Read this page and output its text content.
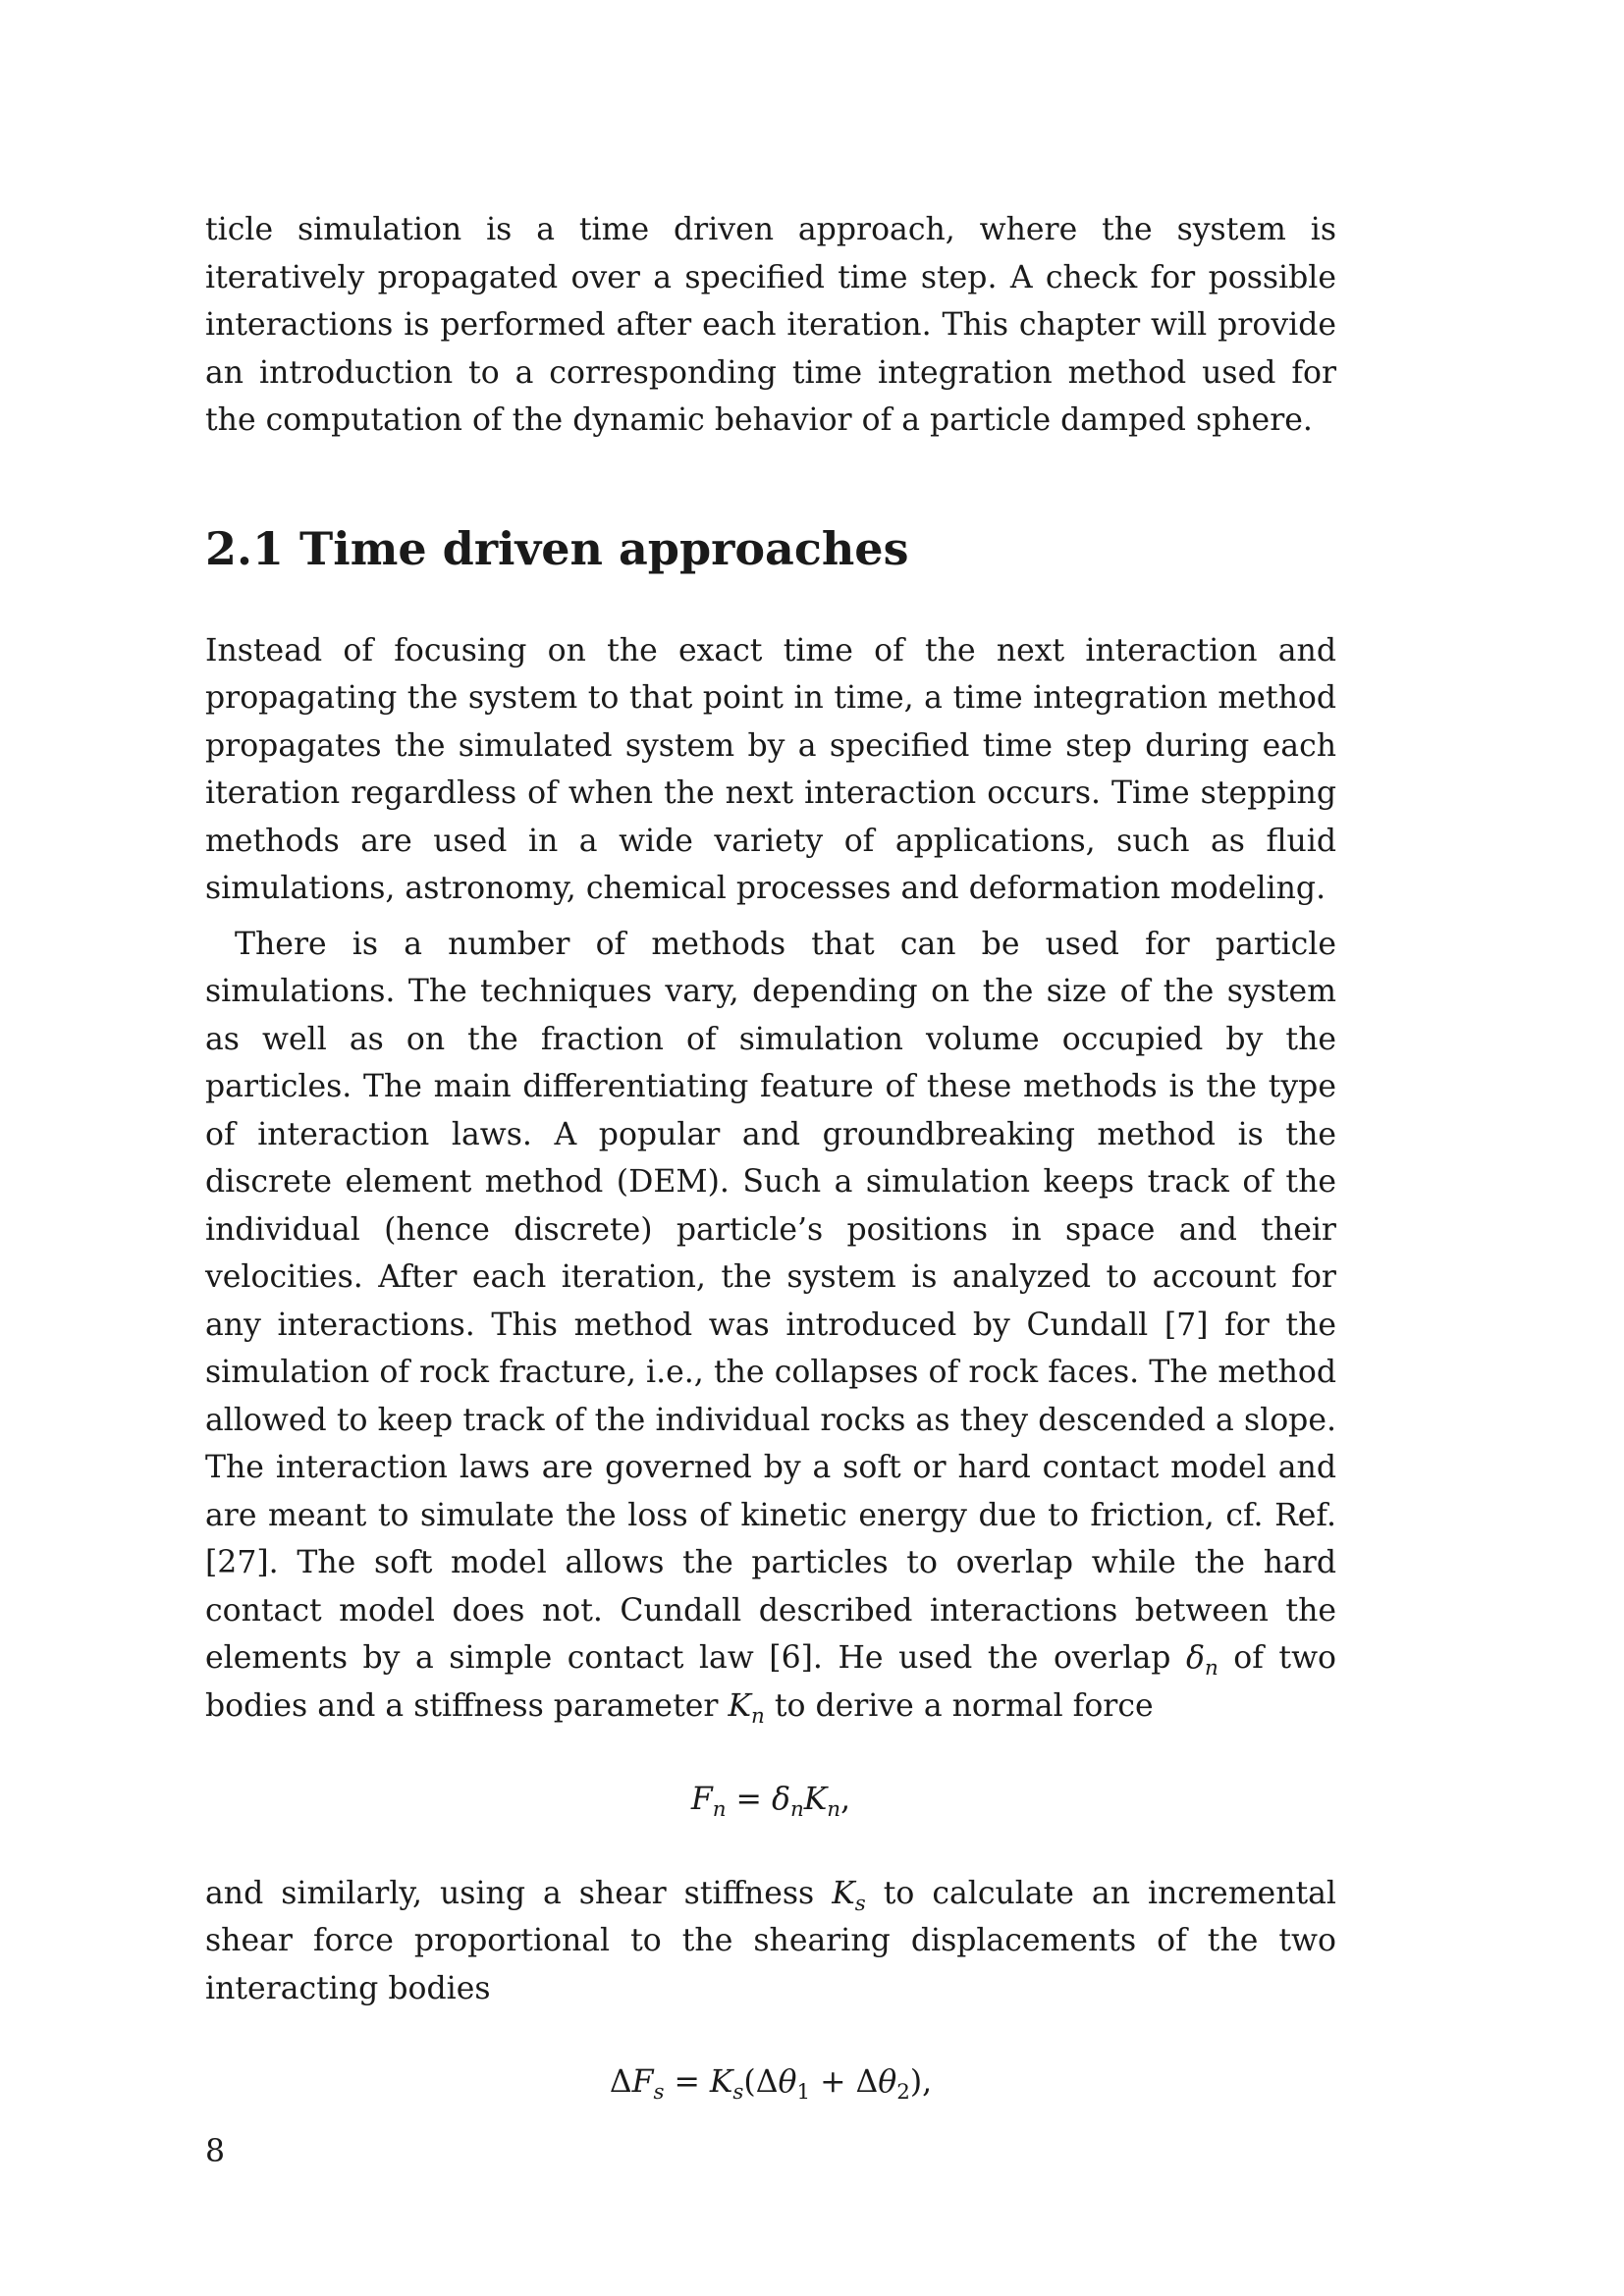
ticle simulation is a time driven approach, where the system is iteratively propagated over a specified time step. A check for possible interactions is performed after each iteration. This chapter will provide an introduction to a corresponding time integration method used for the computation of the dynamic behavior of a particle damped sphere.

2.1 Time driven approaches

Instead of focusing on the exact time of the next interaction and propagating the system to that point in time, a time integration method propagates the simulated system by a specified time step during each iteration regardless of when the next interaction occurs. Time stepping methods are used in a wide variety of applications, such as fluid simulations, astronomy, chemical processes and deformation modeling.

There is a number of methods that can be used for particle simulations. The techniques vary, depending on the size of the system as well as on the fraction of simulation volume occupied by the particles. The main differentiating feature of these methods is the type of interaction laws. A popular and groundbreaking method is the discrete element method (DEM). Such a simulation keeps track of the individual (hence discrete) particle’s positions in space and their velocities. After each iteration, the system is analyzed to account for any interactions. This method was introduced by Cundall [7] for the simulation of rock fracture, i.e., the collapses of rock faces. The method allowed to keep track of the individual rocks as they descended a slope. The interaction laws are governed by a soft or hard contact model and are meant to simulate the loss of kinetic energy due to friction, cf. Ref. [27]. The soft model allows the particles to overlap while the hard contact model does not. Cundall described interactions between the elements by a simple contact law [6]. He used the overlap $\delta_n$ of two bodies and a stiffness parameter $K_n$ to derive a normal force

$F_n = \delta_nK_n$,

and similarly, using a shear stiffness $K_s$ to calculate an incremental shear force proportional to the shearing displacements of the two interacting bodies

$\Delta F_s = K_s(\Delta\theta_1 + \Delta\theta_2)$,
8
